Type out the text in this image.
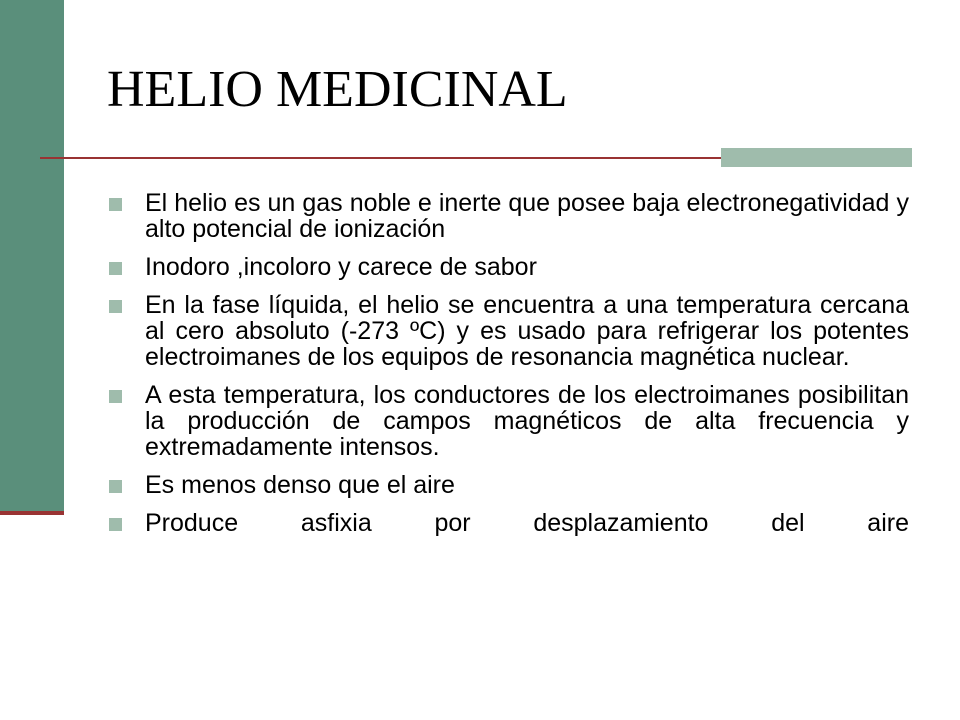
HELIO MEDICINAL
El helio es un gas noble e inerte que posee baja electronegatividad y alto potencial de ionización
Inodoro ,incoloro y carece de sabor
En la fase líquida, el helio se encuentra a una temperatura cercana al cero absoluto (-273 ºC) y es usado para refrigerar los potentes electroimanes de los equipos de resonancia magnética nuclear.
A esta temperatura, los conductores de los electroimanes posibilitan la producción de campos magnéticos de alta frecuencia y extremadamente intensos.
Es menos denso que el aire
Produce asfixia por desplazamiento del aire
